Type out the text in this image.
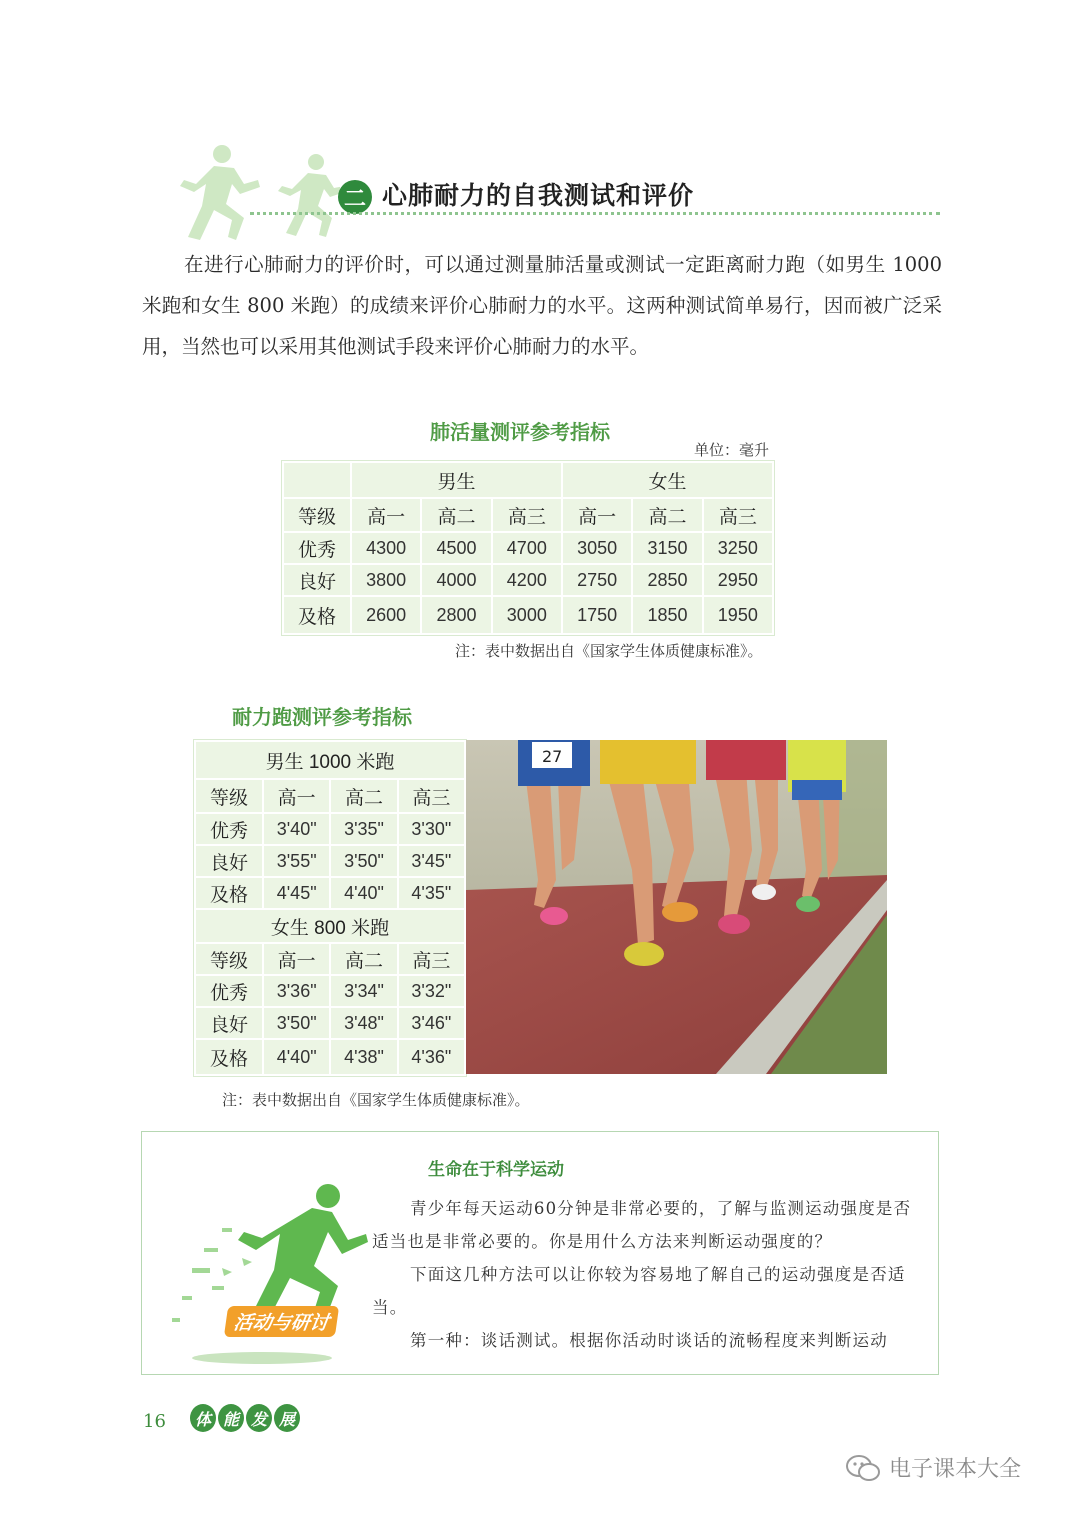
二 心肺耐力的自我测试和评价

在进行心肺耐力的评价时，可以通过测量肺活量或测试一定距离耐力跑（如男生 1000 米跑和女生 800 米跑）的成绩来评价心肺耐力的水平。这两种测试简单易行，因而被广泛采用，当然也可以采用其他测试手段来评价心肺耐力的水平。

肺活量测评参考指标
单位：毫升
	男生			女生		
等级	高一	高二	高三	高一	高二	高三
优秀	4300	4500	4700	3050	3150	3250
良好	3800	4000	4200	2750	2850	2950
及格	2600	2800	3000	1750	1850	1950
注：表中数据出自《国家学生体质健康标准》。
耐力跑测评参考指标
男生 1000 米跑			
等级	高一	高二	高三
优秀	3'40"	3'35"	3'30"
良好	3'55"	3'50"	3'45"
及格	4'45"	4'40"	4'35"
女生 800 米跑			
等级	高一	高二	高三
优秀	3'36"	3'34"	3'32"
良好	3'50"	3'48"	3'46"
及格	4'40"	4'38"	4'36"
27
注：表中数据出自《国家学生体质健康标准》。
活动与研讨
生命在于科学运动

青少年每天运动60分钟是非常必要的，了解与监测运动强度是否适当也是非常必要的。你是用什么方法来判断运动强度的？

下面这几种方法可以让你较为容易地了解自己的运动强度是否适当。

第一种：谈话测试。根据你活动时谈话的流畅程度来判断运动

16	体 能 发 展
电子课本大全
